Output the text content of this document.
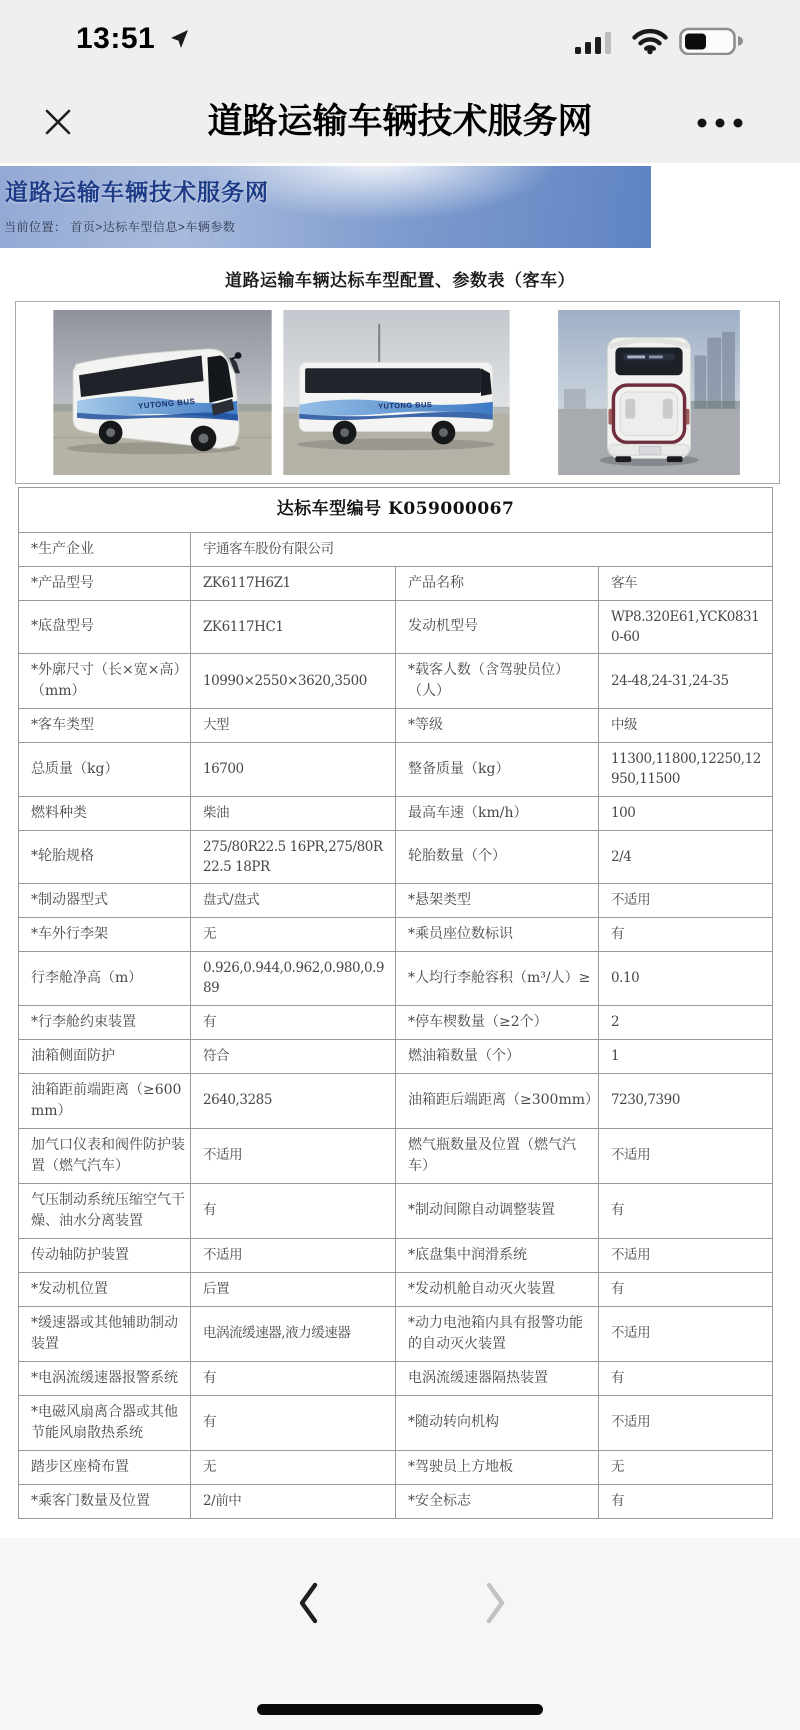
13:51
道路运输车辆技术服务网
道路运输车辆技术服务网
当前位置： 首页>达标车型信息>车辆参数
道路运输车辆达标车型配置、参数表（客车）
YUTONG BUS	YUTONG BUS
达标车型编号 K059000067			
*生产企业	宇通客车股份有限公司		
*产品型号	ZK6117H6Z1	产品名称	客车
*底盘型号	ZK6117HC1	发动机型号	WP8.320E61,YCK08310-60
*外廓尺寸（长×宽×高）（mm）	10990×2550×3620,3500	*载客人数（含驾驶员位）（人）	24-48,24-31,24-35
*客车类型	大型	*等级	中级
总质量（kg）	16700	整备质量（kg）	11300,11800,12250,12950,11500
燃料种类	柴油	最高车速（km/h）	100
*轮胎规格	275/80R22.5 16PR,275/80R22.5 18PR	轮胎数量（个）	2/4
*制动器型式	盘式/盘式	*悬架类型	不适用
*车外行李架	无	*乘员座位数标识	有
行李舱净高（m）	0.926,0.944,0.962,0.980,0.989	*人均行李舱容积（m³/人）≥	0.10
*行李舱约束装置	有	*停车楔数量（≥2个）	2
油箱侧面防护	符合	燃油箱数量（个）	1
油箱距前端距离（≥600mm）	2640,3285	油箱距后端距离（≥300mm）	7230,7390
加气口仪表和阀件防护装置（燃气汽车）	不适用	燃气瓶数量及位置（燃气汽车）	不适用
气压制动系统压缩空气干燥、油水分离装置	有	*制动间隙自动调整装置	有
传动轴防护装置	不适用	*底盘集中润滑系统	不适用
*发动机位置	后置	*发动机舱自动灭火装置	有
*缓速器或其他辅助制动装置	电涡流缓速器,液力缓速器	*动力电池箱内具有报警功能的自动灭火装置	不适用
*电涡流缓速器报警系统	有	电涡流缓速器隔热装置	有
*电磁风扇离合器或其他节能风扇散热系统	有	*随动转向机构	不适用
踏步区座椅布置	无	*驾驶员上方地板	无
*乘客门数量及位置	2/前中	*安全标志	有
